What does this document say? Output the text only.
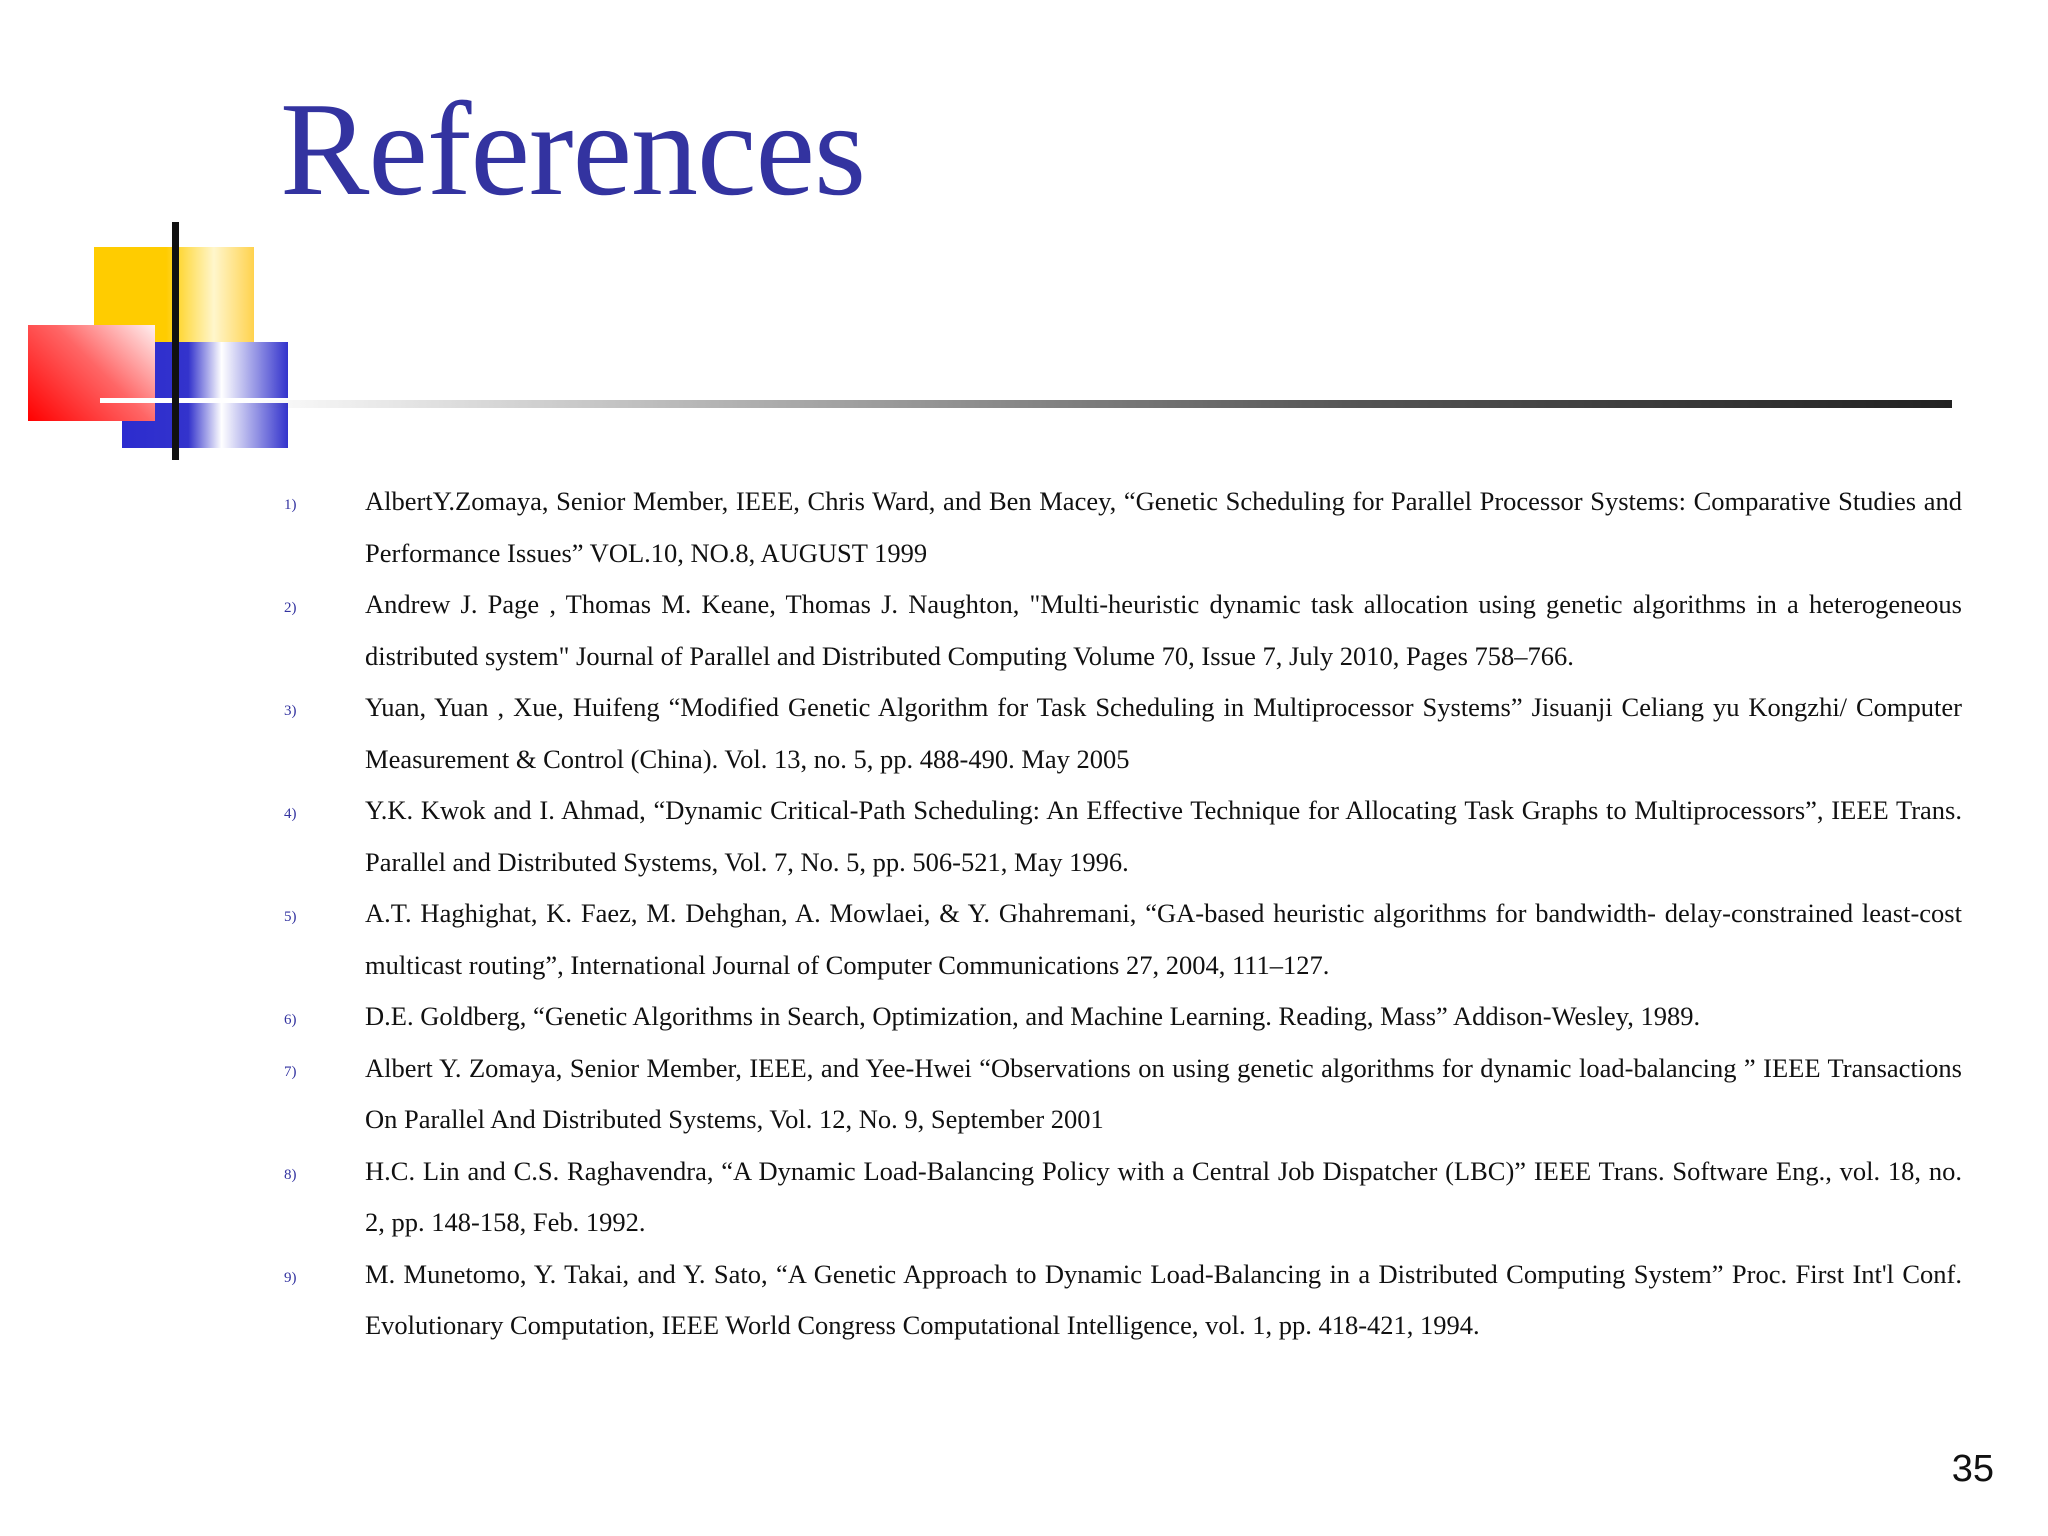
References
1)	AlbertY.Zomaya, Senior Member, IEEE, Chris Ward, and Ben Macey, “Genetic Scheduling for Parallel Processor Systems: Comparative Studies and Performance Issues” VOL.10, NO.8, AUGUST 1999
2)	Andrew J. Page , Thomas M. Keane, Thomas J. Naughton, "Multi-heuristic dynamic task allocation using genetic algorithms in a heterogeneous distributed system" Journal of Parallel and Distributed Computing Volume 70, Issue 7, July 2010, Pages 758–766.
3)	Yuan, Yuan , Xue, Huifeng “Modified Genetic Algorithm for Task Scheduling in Multiprocessor Systems” Jisuanji Celiang yu Kongzhi/ Computer Measurement & Control (China). Vol. 13, no. 5, pp. 488-490. May 2005
4)	Y.K. Kwok and I. Ahmad, “Dynamic Critical-Path Scheduling: An Effective Technique for Allocating Task Graphs to Multiprocessors”, IEEE Trans. Parallel and Distributed Systems, Vol. 7, No. 5, pp. 506-521, May 1996.
5)	A.T. Haghighat, K. Faez, M. Dehghan, A. Mowlaei, & Y. Ghahremani, “GA-based heuristic algorithms for bandwidth- delay-constrained least-cost multicast routing”, International Journal of Computer Communications 27, 2004, 111–127.
6)	D.E. Goldberg, “Genetic Algorithms in Search, Optimization, and Machine Learning. Reading, Mass” Addison-Wesley, 1989.
7)	Albert Y. Zomaya, Senior Member, IEEE, and Yee-Hwei “Observations on using genetic algorithms for dynamic load-balancing ” IEEE Transactions On Parallel And Distributed Systems, Vol. 12, No. 9, September 2001
8)	H.C. Lin and C.S. Raghavendra, “A Dynamic Load-Balancing Policy with a Central Job Dispatcher (LBC)” IEEE Trans. Software Eng., vol. 18, no. 2, pp. 148-158, Feb. 1992.
9)	M. Munetomo, Y. Takai, and Y. Sato, “A Genetic Approach to Dynamic Load-Balancing in a Distributed Computing System” Proc. First Int'l Conf. Evolutionary Computation, IEEE World Congress Computational Intelligence, vol. 1, pp. 418-421, 1994.
35
